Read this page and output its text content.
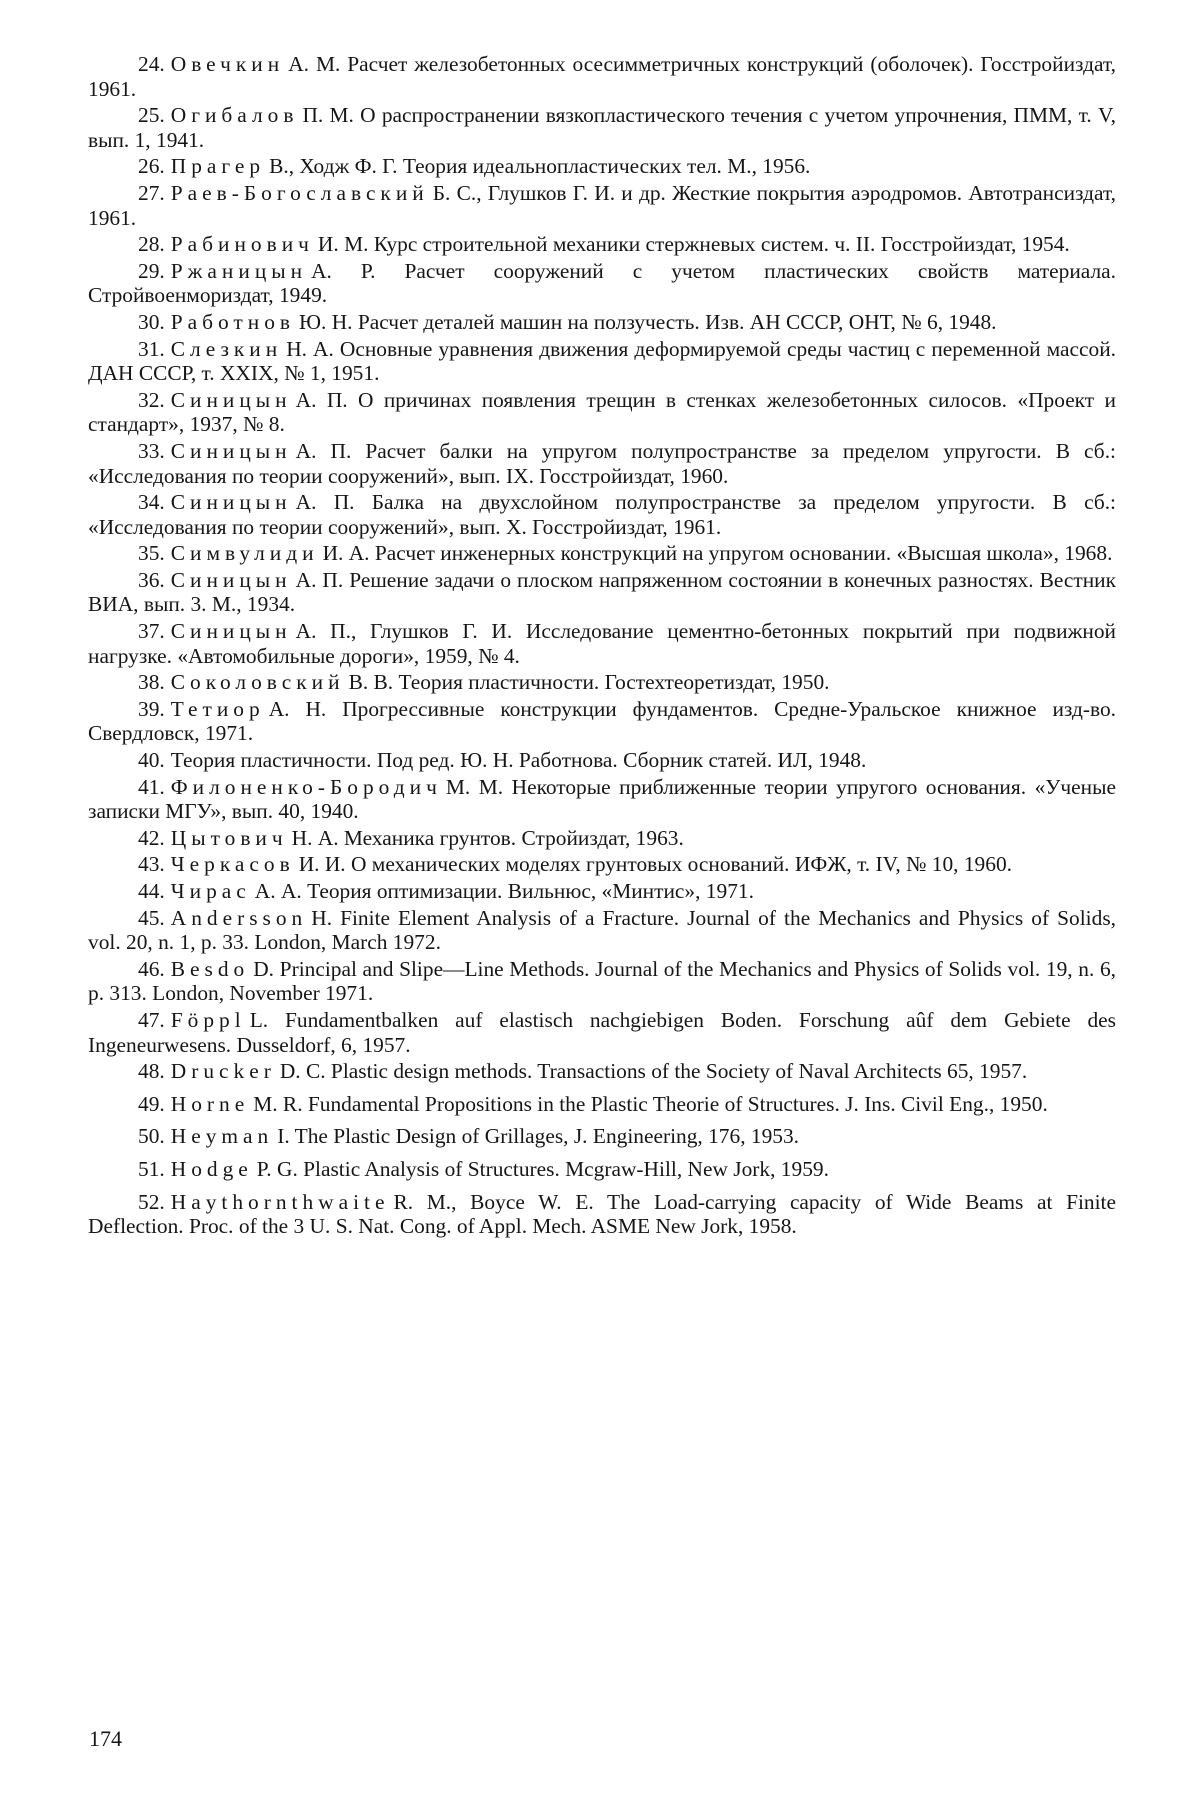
24. Овечкин А. М. Расчет железобетонных осесимметричных конструкций (оболочек). Госстройиздат, 1961.

25. Огибалов П. М. О распространении вязкопластического течения с учетом упрочнения, ПММ, т. V, вып. 1, 1941.

26. Прагер В., Ходж Ф. Г. Теория идеальнопластических тел. М., 1956.

27. Раев-Богославский Б. С., Глушков Г. И. и др. Жесткие покрытия аэродромов. Автотрансиздат, 1961.

28. Рабинович И. М. Курс строительной механики стержневых систем. ч. II. Госстройиздат, 1954.

29. Ржаницын А. Р. Расчет сооружений с учетом пластических свойств материала. Стройвоенмориздат, 1949.

30. Работнов Ю. Н. Расчет деталей машин на ползучесть. Изв. АН СССР, ОНТ, № 6, 1948.

31. Слезкин Н. А. Основные уравнения движения деформируемой среды частиц с переменной массой. ДАН СССР, т. XXIX, № 1, 1951.

32. Синицын А. П. О причинах появления трещин в стенках железобетонных силосов. «Проект и стандарт», 1937, № 8.

33. Синицын А. П. Расчет балки на упругом полупространстве за пределом упругости. В сб.: «Исследования по теории сооружений», вып. IX. Госстройиздат, 1960.

34. Синицын А. П. Балка на двухслойном полупространстве за пределом упругости. В сб.: «Исследования по теории сооружений», вып. X. Госстройиздат, 1961.

35. Симвулиди И. А. Расчет инженерных конструкций на упругом основании. «Высшая школа», 1968.

36. Синицын А. П. Решение задачи о плоском напряженном состоянии в конечных разностях. Вестник ВИА, вып. 3. М., 1934.

37. Синицын А. П., Глушков Г. И. Исследование цементно-бетонных покрытий при подвижной нагрузке. «Автомобильные дороги», 1959, № 4.

38. Соколовский В. В. Теория пластичности. Гостехтеоретиздат, 1950.

39. Тетиор А. Н. Прогрессивные конструкции фундаментов. Средне-Уральское книжное изд-во. Свердловск, 1971.

40. Теория пластичности. Под ред. Ю. Н. Работнова. Сборник статей. ИЛ, 1948.

41. Филоненко-Бородич М. М. Некоторые приближенные теории упругого основания. «Ученые записки МГУ», вып. 40, 1940.

42. Цытович Н. А. Механика грунтов. Стройиздат, 1963.

43. Черкасов И. И. О механических моделях грунтовых оснований. ИФЖ, т. IV, № 10, 1960.

44. Чирас А. А. Теория оптимизации. Вильнюс, «Минтис», 1971.

45. Andersson H. Finite Element Analysis of a Fracture. Journal of the Mechanics and Physics of Solids, vol. 20, n. 1, p. 33. London, March 1972.

46. Besdo D. Principal and Slipe—Line Methods. Journal of the Mechanics and Physics of Solids vol. 19, n. 6, p. 313. London, November 1971.

47. Föppl L. Fundamentbalken auf elastisch nachgiebigen Boden. Forschung aûf dem Gebiete des Ingeneurwesens. Dusseldorf, 6, 1957.

48. Drucker D. C. Plastic design methods. Transactions of the Society of Naval Architects 65, 1957.

49. Horne M. R. Fundamental Propositions in the Plastic Theorie of Structures. J. Ins. Civil Eng., 1950.

50. Heyman I. The Plastic Design of Grillages, J. Engineering, 176, 1953.

51. Hodge P. G. Plastic Analysis of Structures. Mcgraw-Hill, New Jork, 1959.

52. Haythornthwaite R. M., Boyce W. E. The Load-carrying capacity of Wide Beams at Finite Deflection. Proc. of the 3 U. S. Nat. Cong. of Appl. Mech. ASME New Jork, 1958.

174
